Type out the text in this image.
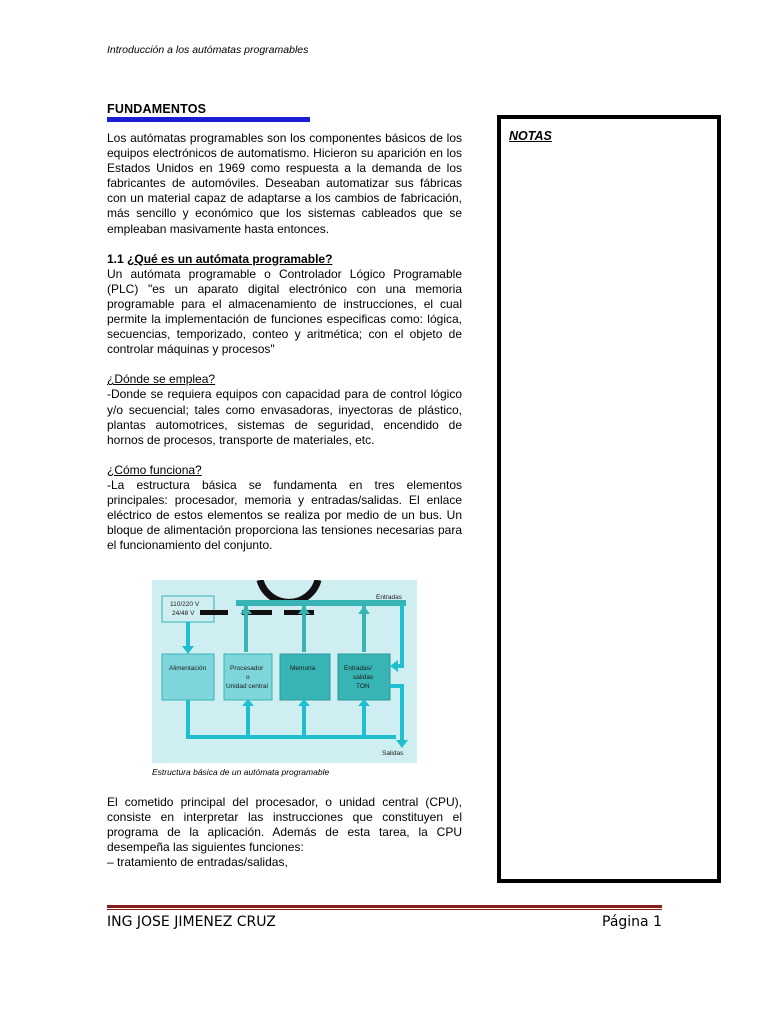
Introducción a los autómatas programables
FUNDAMENTOS

Los autómatas programables son los componentes básicos de los equipos electrónicos de automatismo. Hicieron su aparición en los Estados Unidos en 1969 como respuesta a la demanda de los fabricantes de automóviles. Deseaban automatizar sus fábricas con un material capaz de adaptarse a los cambios de fabricación, más sencillo y económico que los sistemas cableados que se empleaban masivamente hasta entonces.

1.1 ¿Qué es un autómata programable?

Un autómata programable o Controlador Lógico Programable (PLC) "es un aparato digital electrónico con una memoria programable para el almacenamiento de instrucciones, el cual permite la implementación de funciones especificas como: lógica, secuencias, temporizado, conteo y aritmética; con el objeto de controlar máquinas y procesos"

¿Dónde se emplea?

-Donde se requiera equipos con capacidad para de control lógico y/o secuencial; tales como envasadoras, inyectoras de plástico, plantas automotrices, sistemas de seguridad, encendido de hornos de procesos, transporte de materiales, etc.

¿Cómo funciona?

-La estructura básica se fundamenta en tres elementos principales: procesador, memoria y entradas/salidas. El enlace eléctrico de estos elementos se realiza por medio de un bus. Un bloque de alimentación proporciona las tensiones necesarias para el funcionamiento del conjunto.

NOTAS
110/220 V
24/48 V
Alimentación	Procesador
o
Unidad central
Memoria	Entradas/
salidas
TON
Entradas
Salidas
Estructura básica de un autómata programable

El cometido principal del procesador, o unidad central (CPU), consiste en interpretar las instrucciones que constituyen el programa de la aplicación. Además de esta tarea, la CPU desempeña las siguientes funciones:

– tratamiento de entradas/salidas,

ING JOSE JIMENEZ CRUZ	Página 1
